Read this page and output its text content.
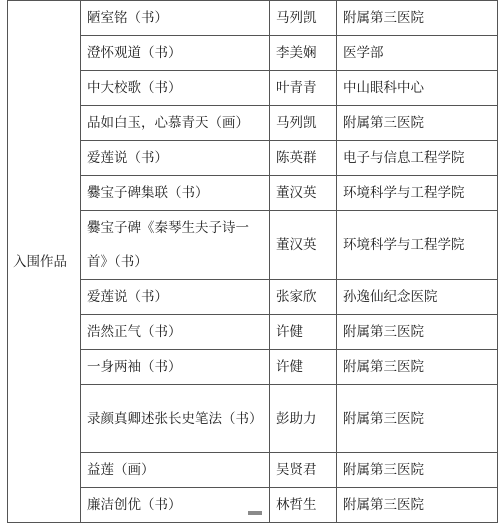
入围作品	陋室铭（书）	马列凯	附属第三医院
	澄怀观道（书）	李美娴	医学部
	中大校歌（书）	叶青青	中山眼科中心
	品如白玉，心慕青天（画）	马列凯	附属第三医院
	爱莲说（书）	陈英群	电子与信息工程学院
	爨宝子碑集联（书）	董汉英	环境科学与工程学院
	爨宝子碑《秦琴生夫子诗一首》（书）	董汉英	环境科学与工程学院
	爱莲说（书）	张家欣	孙逸仙纪念医院
	浩然正气（书）	许健	附属第三医院
	一身两袖（书）	许健	附属第三医院
	录颜真卿述张长史笔法（书）	彭助力	附属第三医院
	益莲（画）	吴贤君	附属第三医院
	廉洁创优（书）	林哲生	附属第三医院
